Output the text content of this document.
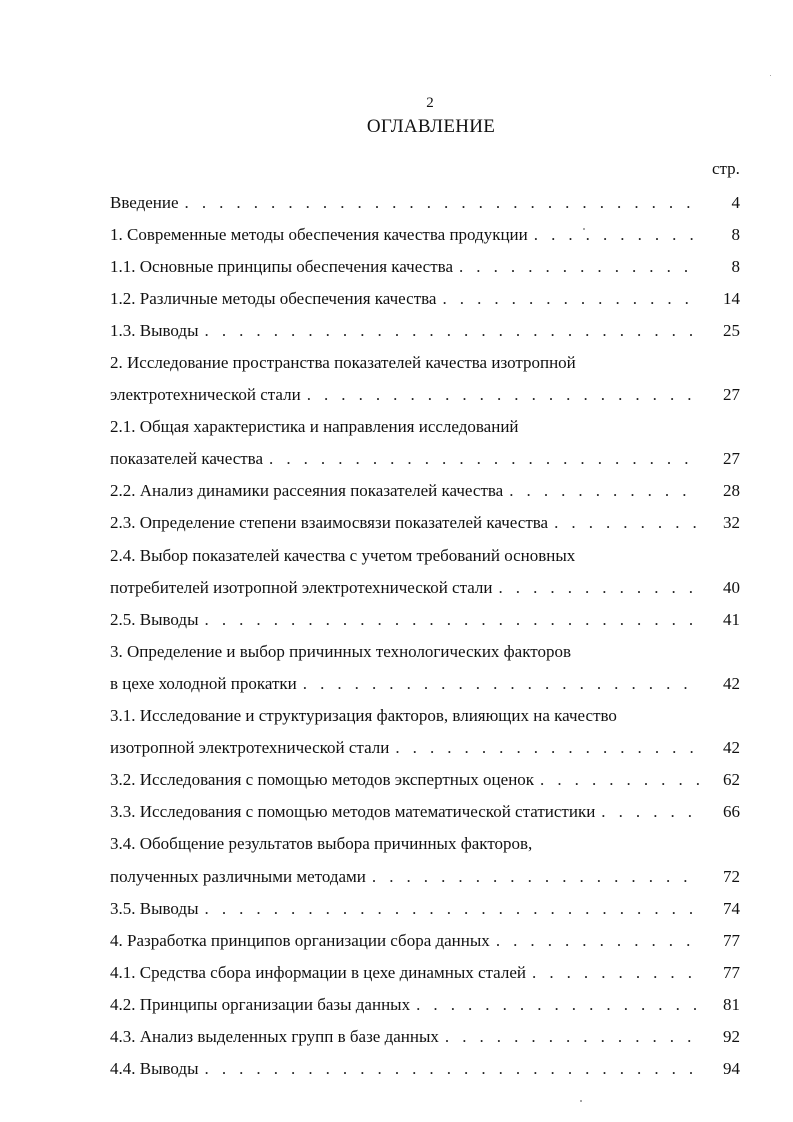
2
ОГЛАВЛЕНИЕ
стр.
Введение . . .	4
1. Современные методы обеспечения качества продукции . . .	8
1.1. Основные принципы обеспечения качества . . .	8
1.2. Различные методы обеспечения качества . . .	14
1.3. Выводы . . .	25
2. Исследование пространства показателей качества изотропной
электротехнической стали . . .	27
2.1. Общая характеристика и направления исследований
показателей качества . . .	27
2.2. Анализ динамики рассеяния показателей качества . . .	28
2.3. Определение степени взаимосвязи показателей качества . . .	32
2.4. Выбор показателей качества с учетом требований основных
потребителей изотропной электротехнической стали . . .	40
2.5. Выводы . . .	41
3. Определение и выбор причинных технологических факторов
в цехе холодной прокатки . . .	42
3.1. Исследование и структуризация факторов, влияющих на качество
изотропной электротехнической стали . . .	42
3.2. Исследования с помощью методов экспертных оценок . . .	62
3.3. Исследования с помощью методов математической статистики . . .	66
3.4. Обобщение результатов выбора причинных факторов,
полученных различными методами . . .	72
3.5. Выводы . . .	74
4. Разработка принципов организации сбора данных . . .	77
4.1. Средства сбора информации в цехе динамных сталей . . .	77
4.2. Принципы организации базы данных . . .	81
4.3. Анализ выделенных групп в базе данных . . .	92
4.4. Выводы . . .	94
